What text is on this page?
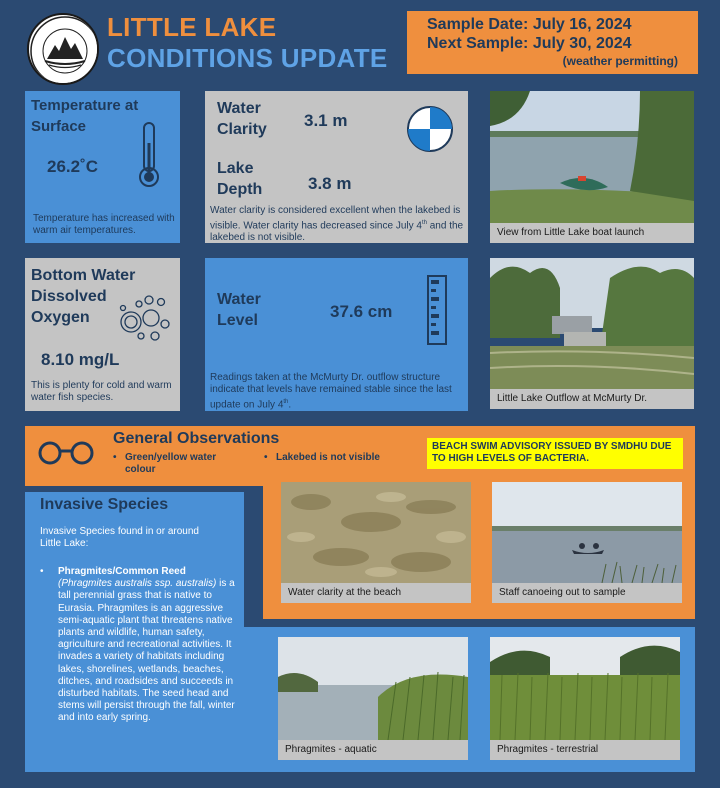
LITTLE LAKE
CONDITIONS UPDATE
Sample Date: July 16, 2024
Next Sample: July 30, 2024
(weather permitting)
Temperature at Surface
26.2˚C
Temperature has increased with warm air temperatures.
Water Clarity	3.1 m
Lake Depth	3.8 m
Water clarity is considered excellent when the lakebed is visible. Water clarity has decreased since July 4th and the lakebed is not visible.	View from Little Lake boat launch
Bottom Water Dissolved Oxygen
8.10 mg/L
This is plenty for cold and warm water fish species.
Water Level	37.6 cm
Readings taken at the McMurty Dr. outflow structure indicate that levels have remained stable since the last update on July 4th.
Little Lake Outflow at McMurty Dr.
General Observations
• Green/yellow water colour
• Lakebed is not visible
BEACH SWIM ADVISORY ISSUED BY SMDHU DUE TO HIGH LEVELS OF BACTERIA.
Water clarity at the beach	Staff canoeing out to sample
Invasive Species
Invasive Species found in or around Little Lake:
• Phragmites/Common Reed
(Phragmites australis ssp. australis) is a tall perennial grass that is native to Eurasia. Phragmites is an aggressive semi-aquatic plant that threatens native plants and wildlife, human safety, agriculture and recreational activities. It invades a variety of habitats including lakes, shorelines, wetlands, beaches, ditches, and roadsides and succeeds in disturbed habitats. The seed head and stems will persist through the fall, winter and into early spring.
Phragmites - aquatic	Phragmites - terrestrial
